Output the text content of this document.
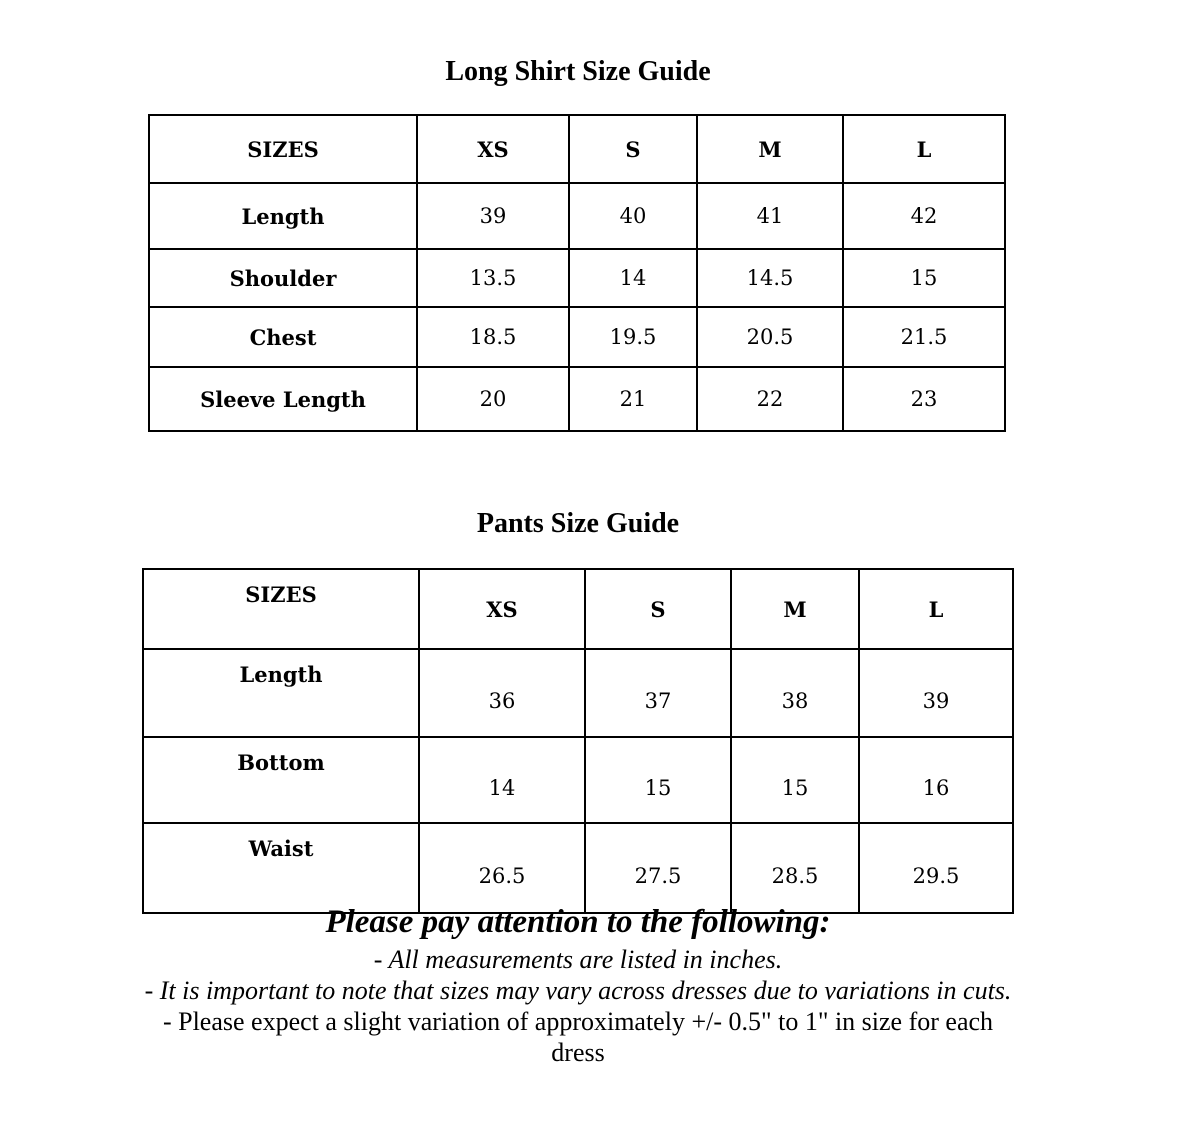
Long Shirt Size Guide
SIZES	XS	S	M	L
Length	39	40	41	42
Shoulder	13.5	14	14.5	15
Chest	18.5	19.5	20.5	21.5
Sleeve Length	20	21	22	23
Pants Size Guide
SIZES	XS	S	M	L
Length	36	37	38	39
Bottom	14	15	15	16
Waist	26.5	27.5	28.5	29.5
Please pay attention to the following:
- All measurements are listed in inches.
- It is important to note that sizes may vary across dresses due to variations in cuts.
- Please expect a slight variation of approximately +/- 0.5" to 1" in size for each
dress
